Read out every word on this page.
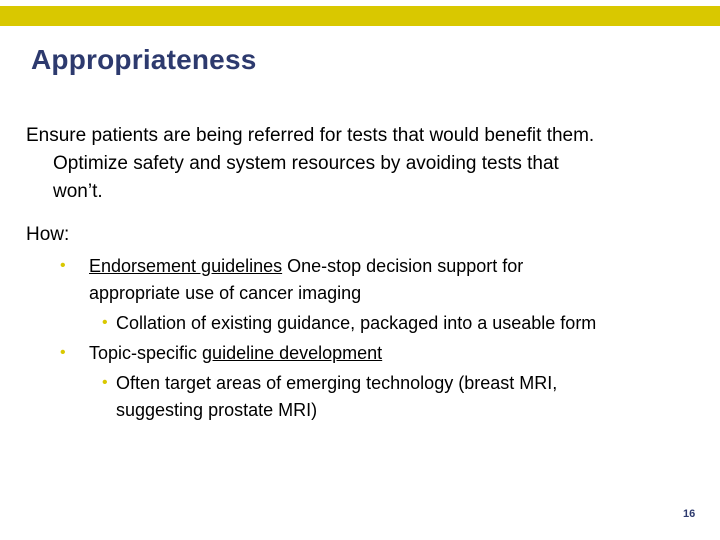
Appropriateness
Ensure patients are being referred for tests that would benefit them.
Optimize safety and system resources by avoiding tests that
won’t.
How:
• Endorsement guidelines One-stop decision support for
appropriate use of cancer imaging
• Collation of existing guidance, packaged into a useable form
• Topic-specific guideline development
• Often target areas of emerging technology (breast MRI,
suggesting prostate MRI)
16
